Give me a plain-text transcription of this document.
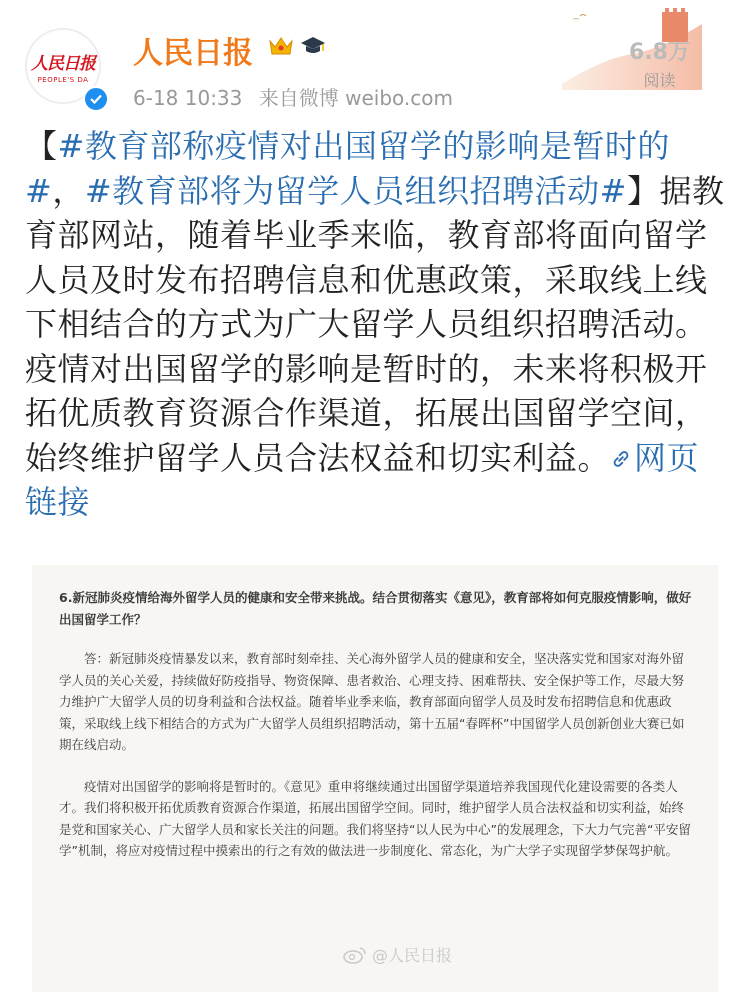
人民日报
PEOPLE'S DA
人民日报
6-18 10:33 来自微博 weibo.com
6.8万
阅读
【#教育部称疫情对出国留学的影响是暂时的#，#教育部将为留学人员组织招聘活动#】据教育部网站，随着毕业季来临，教育部将面向留学人员及时发布招聘信息和优惠政策，采取线上线下相结合的方式为广大留学人员组织招聘活动。疫情对出国留学的影响是暂时的，未来将积极开拓优质教育资源合作渠道，拓展出国留学空间，始终维护留学人员合法权益和切实利益。 网页链接

6.新冠肺炎疫情给海外留学人员的健康和安全带来挑战。结合贯彻落实《意见》，教育部将如何克服疫情影响，做好出国留学工作？

答：新冠肺炎疫情暴发以来，教育部时刻牵挂、关心海外留学人员的健康和安全，坚决落实党和国家对海外留学人员的关心关爱，持续做好防疫指导、物资保障、患者救治、心理支持、困难帮扶、安全保护等工作，尽最大努力维护广大留学人员的切身利益和合法权益。随着毕业季来临，教育部面向留学人员及时发布招聘信息和优惠政策，采取线上线下相结合的方式为广大留学人员组织招聘活动，第十五届“春晖杯”中国留学人员创新创业大赛已如期在线启动。

疫情对出国留学的影响将是暂时的。《意见》重申将继续通过出国留学渠道培养我国现代化建设需要的各类人才。我们将积极开拓优质教育资源合作渠道，拓展出国留学空间。同时，维护留学人员合法权益和切实利益，始终是党和国家关心、广大留学人员和家长关注的问题。我们将坚持“以人民为中心”的发展理念，下大力气完善“平安留学”机制，将应对疫情过程中摸索出的行之有效的做法进一步制度化、常态化，为广大学子实现留学梦保驾护航。

@人民日报
